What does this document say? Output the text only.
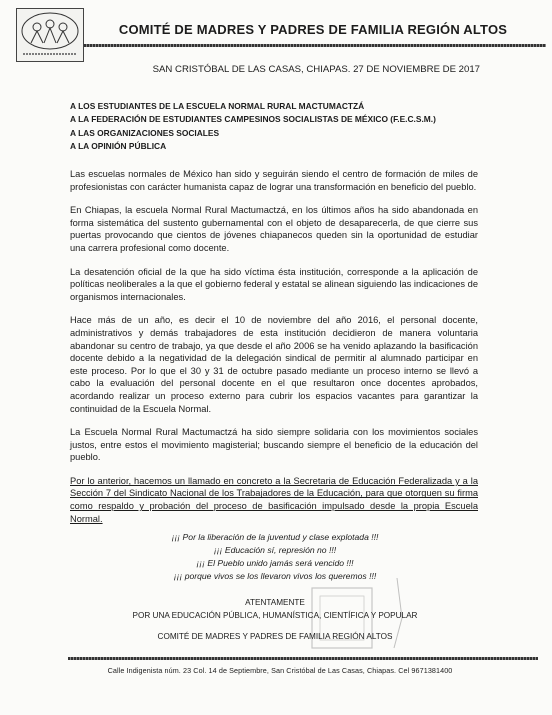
COMITÉ DE MADRES Y PADRES DE FAMILIA REGIÓN ALTOS
SAN CRISTÓBAL DE LAS CASAS, CHIAPAS. 27 DE NOVIEMBRE DE 2017
A LOS ESTUDIANTES DE LA ESCUELA NORMAL RURAL MACTUMACTZÁ
A LA FEDERACIÓN DE ESTUDIANTES CAMPESINOS SOCIALISTAS DE MÉXICO (F.E.C.S.M.)
A LAS ORGANIZACIONES SOCIALES
A LA OPINIÓN PÚBLICA

Las escuelas normales de México han sido y seguirán siendo el centro de formación de miles de profesionistas con carácter humanista capaz de lograr una transformación en beneficio del pueblo.

En Chiapas, la escuela Normal Rural Mactumactzá, en los últimos años ha sido abandonada en forma sistemática del sustento gubernamental con el objeto de desaparecerla, de que cierre sus puertas provocando que cientos de jóvenes chiapanecos queden sin la oportunidad de estudiar una carrera profesional como docente.

La desatención oficial de la que ha sido víctima ésta institución, corresponde a la aplicación de políticas neoliberales a la que el gobierno federal y estatal se alinean siguiendo las indicaciones de organismos internacionales.

Hace más de un año, es decir el 10 de noviembre del año 2016, el personal docente, administrativos y demás trabajadores de esta institución decidieron de manera voluntaria abandonar su centro de trabajo, ya que desde el año 2006 se ha venido aplazando la basificación docente debido a la negatividad de la delegación sindical de permitir al alumnado participar en este proceso. Por lo que el 30 y 31 de octubre pasado mediante un proceso interno se llevó a cabo la evaluación del personal docente en el que resultaron once docentes aprobados, acordando realizar un proceso externo para cubrir los espacios vacantes para garantizar la continuidad de la Escuela Normal.

La Escuela Normal Rural Mactumactzá ha sido siempre solidaria con los movimientos sociales justos, entre estos el movimiento magisterial; buscando siempre el beneficio de la educación del pueblo.

Por lo anterior, hacemos un llamado en concreto a la Secretaria de Educación Federalizada y a la Sección 7 del Sindicato Nacional de los Trabajadores de la Educación, para que otorguen su firma como respaldo y probación del proceso de basificación impulsado desde la propia Escuela Normal.

¡¡¡ Por la liberación de la juventud y clase explotada !!!
¡¡¡ Educación sí, represión no !!!
¡¡¡ El Pueblo unido jamás será vencido !!!
¡¡¡ porque vivos se los llevaron vivos los queremos !!!
ATENTAMENTE
POR UNA EDUCACIÓN PÚBLICA, HUMANÍSTICA, CIENTÍFICA Y POPULAR
COMITÉ DE MADRES Y PADRES DE FAMILIA REGIÓN ALTOS
Calle Indigenista núm. 23 Col. 14 de Septiembre, San Cristóbal de Las Casas, Chiapas. Cel 9671381400
